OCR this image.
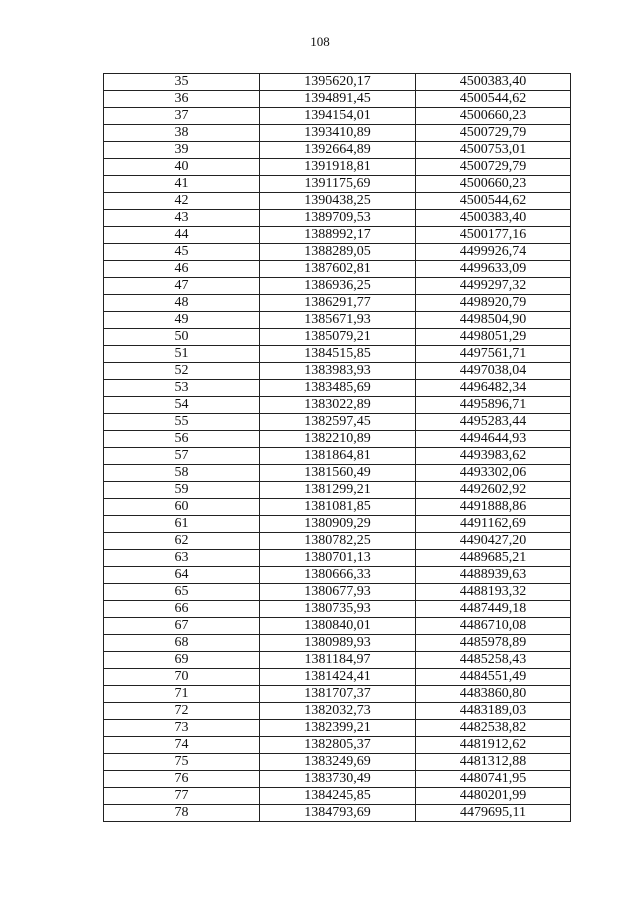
108
35	1395620,17	4500383,40
36	1394891,45	4500544,62
37	1394154,01	4500660,23
38	1393410,89	4500729,79
39	1392664,89	4500753,01
40	1391918,81	4500729,79
41	1391175,69	4500660,23
42	1390438,25	4500544,62
43	1389709,53	4500383,40
44	1388992,17	4500177,16
45	1388289,05	4499926,74
46	1387602,81	4499633,09
47	1386936,25	4499297,32
48	1386291,77	4498920,79
49	1385671,93	4498504,90
50	1385079,21	4498051,29
51	1384515,85	4497561,71
52	1383983,93	4497038,04
53	1383485,69	4496482,34
54	1383022,89	4495896,71
55	1382597,45	4495283,44
56	1382210,89	4494644,93
57	1381864,81	4493983,62
58	1381560,49	4493302,06
59	1381299,21	4492602,92
60	1381081,85	4491888,86
61	1380909,29	4491162,69
62	1380782,25	4490427,20
63	1380701,13	4489685,21
64	1380666,33	4488939,63
65	1380677,93	4488193,32
66	1380735,93	4487449,18
67	1380840,01	4486710,08
68	1380989,93	4485978,89
69	1381184,97	4485258,43
70	1381424,41	4484551,49
71	1381707,37	4483860,80
72	1382032,73	4483189,03
73	1382399,21	4482538,82
74	1382805,37	4481912,62
75	1383249,69	4481312,88
76	1383730,49	4480741,95
77	1384245,85	4480201,99
78	1384793,69	4479695,11
